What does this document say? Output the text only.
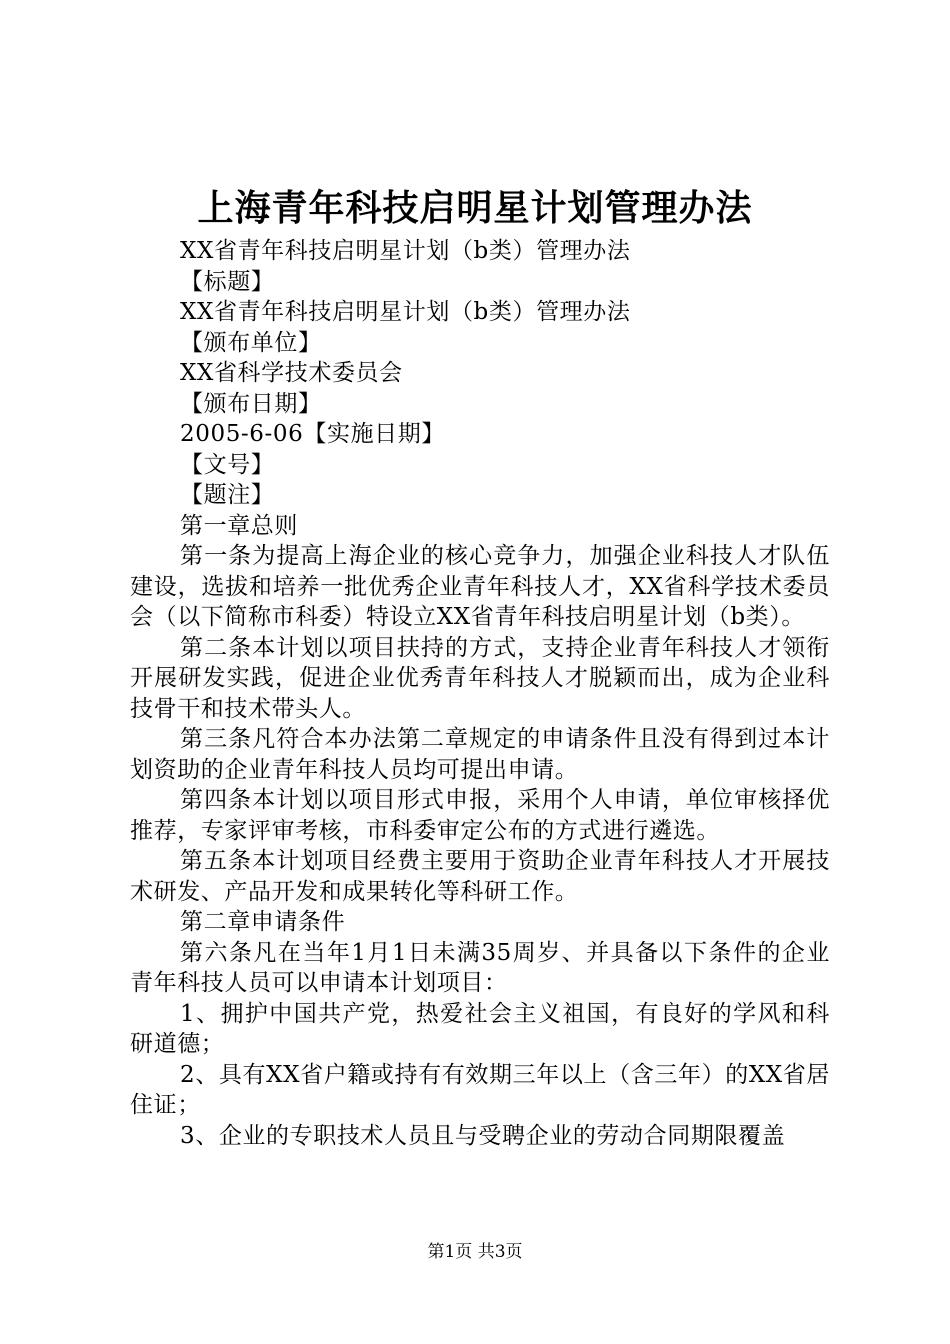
上海青年科技启明星计划管理办法
XX省青年科技启明星计划（b类）管理办法
【标题】
XX省青年科技启明星计划（b类）管理办法
【颁布单位】
XX省科学技术委员会
【颁布日期】
2005-6-06【实施日期】
【文号】
【题注】
第一章总则
第一条为提高上海企业的核心竞争力，加强企业科技人才队伍建设，选拔和培养一批优秀企业青年科技人才，XX省科学技术委员会（以下简称市科委）特设立XX省青年科技启明星计划（b类）。
第二条本计划以项目扶持的方式，支持企业青年科技人才领衔开展研发实践，促进企业优秀青年科技人才脱颖而出，成为企业科技骨干和技术带头人。
第三条凡符合本办法第二章规定的申请条件且没有得到过本计划资助的企业青年科技人员均可提出申请。
第四条本计划以项目形式申报，采用个人申请，单位审核择优推荐，专家评审考核，市科委审定公布的方式进行遴选。
第五条本计划项目经费主要用于资助企业青年科技人才开展技术研发、产品开发和成果转化等科研工作。
第二章申请条件
第六条凡在当年1月1日未满35周岁、并具备以下条件的企业青年科技人员可以申请本计划项目：
1、拥护中国共产党，热爱社会主义祖国，有良好的学风和科研道德；
2、具有XX省户籍或持有有效期三年以上（含三年）的XX省居住证；
3、企业的专职技术人员且与受聘企业的劳动合同期限覆盖
第1页 共3页
